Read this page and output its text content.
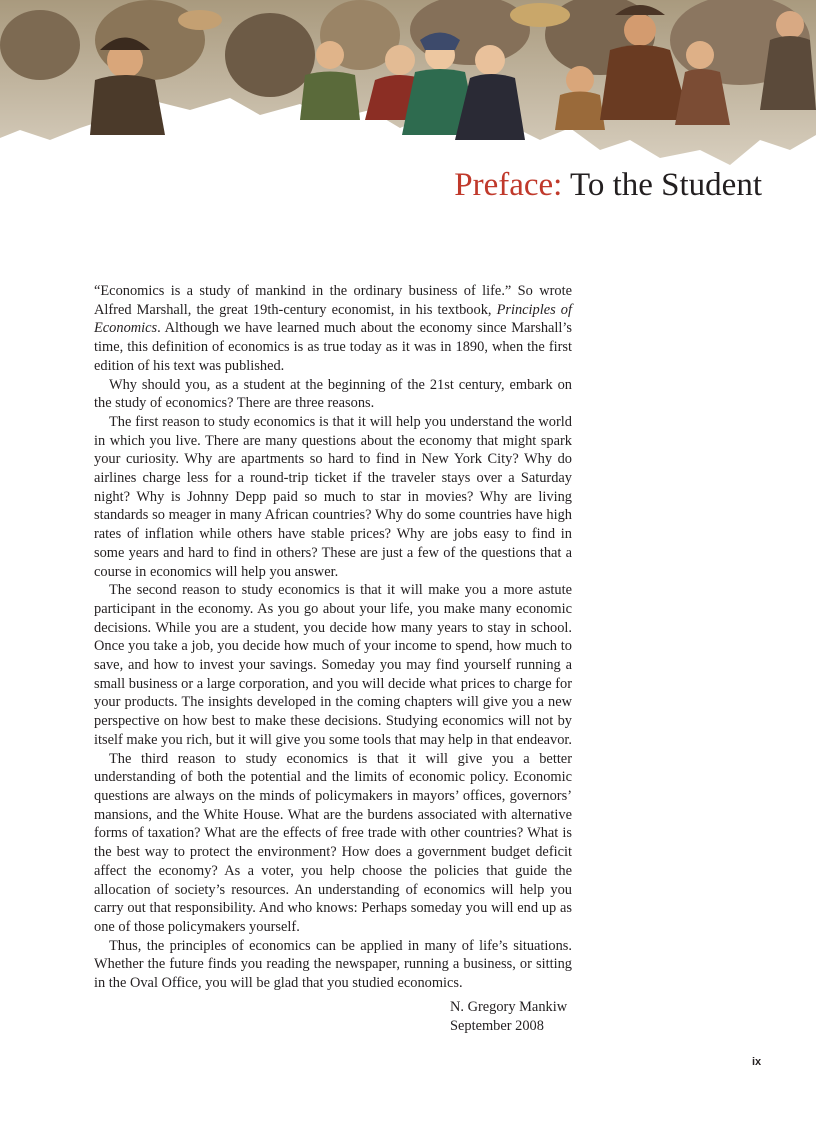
Preface: To the Student

“Economics is a study of mankind in the ordinary business of life.” So wrote Alfred Marshall, the great 19th-century economist, in his textbook, Principles of Economics. Although we have learned much about the economy since Marshall’s time, this definition of economics is as true today as it was in 1890, when the first edition of his text was published.

Why should you, as a student at the beginning of the 21st century, embark on the study of economics? There are three reasons.

The first reason to study economics is that it will help you understand the world in which you live. There are many questions about the economy that might spark your curiosity. Why are apartments so hard to find in New York City? Why do airlines charge less for a round-trip ticket if the traveler stays over a Saturday night? Why is Johnny Depp paid so much to star in movies? Why are living standards so meager in many African countries? Why do some countries have high rates of inflation while others have stable prices? Why are jobs easy to find in some years and hard to find in others? These are just a few of the questions that a course in economics will help you answer.

The second reason to study economics is that it will make you a more astute participant in the economy. As you go about your life, you make many economic decisions. While you are a student, you decide how many years to stay in school. Once you take a job, you decide how much of your income to spend, how much to save, and how to invest your savings. Someday you may find yourself running a small business or a large corporation, and you will decide what prices to charge for your products. The insights developed in the coming chapters will give you a new perspective on how best to make these decisions. Studying economics will not by itself make you rich, but it will give you some tools that may help in that endeavor.

The third reason to study economics is that it will give you a better understanding of both the potential and the limits of economic policy. Economic questions are always on the minds of policymakers in mayors’ offices, governors’ mansions, and the White House. What are the burdens associated with alternative forms of taxation? What are the effects of free trade with other countries? What is the best way to protect the environment? How does a government budget deficit affect the economy? As a voter, you help choose the policies that guide the allocation of society’s resources. An understanding of economics will help you carry out that responsibility. And who knows: Perhaps someday you will end up as one of those policymakers yourself.

Thus, the principles of economics can be applied in many of life’s situations. Whether the future finds you reading the newspaper, running a business, or sitting in the Oval Office, you will be glad that you studied economics.

N. Gregory Mankiw
September 2008
ix
